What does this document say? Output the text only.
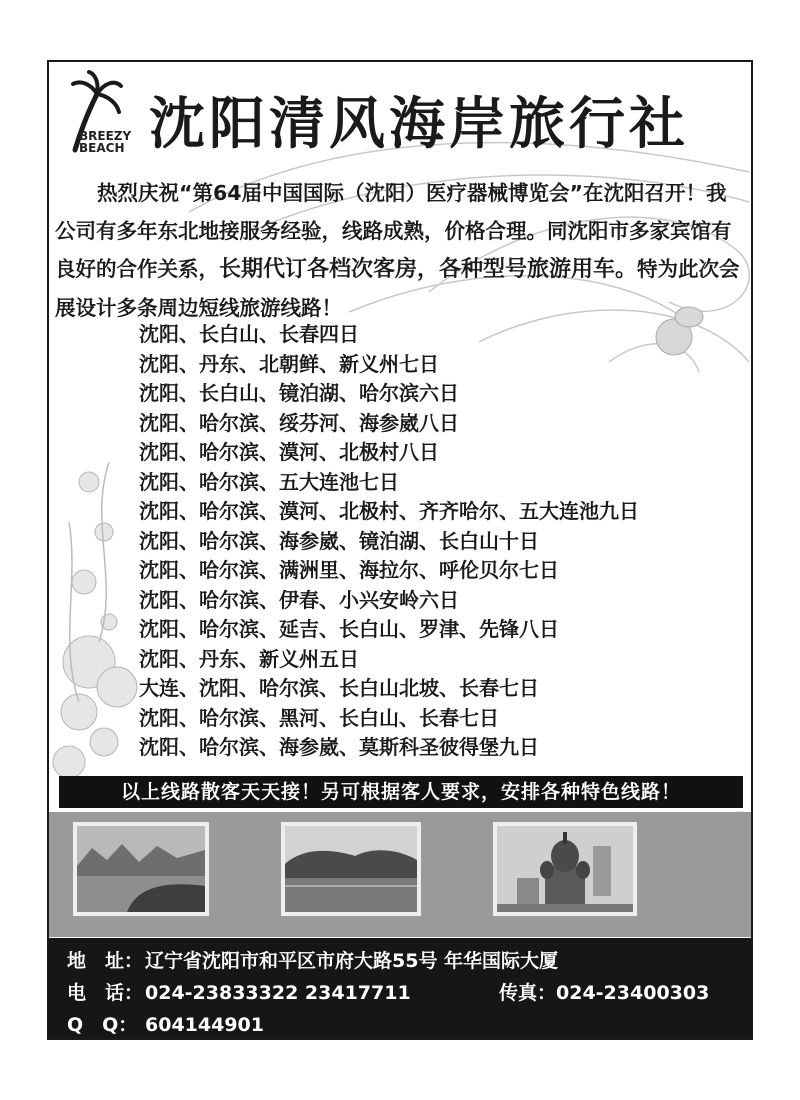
BREEZY
BEACH 沈阳清风海岸旅行社
热烈庆祝“第64届中国国际（沈阳）医疗器械博览会”在沈阳召开！我公司有多年东北地接服务经验，线路成熟，价格合理。同沈阳市多家宾馆有良好的合作关系，长期代订各档次客房，各种型号旅游用车。特为此次会展设计多条周边短线旅游线路！
沈阳、长白山、长春四日
沈阳、丹东、北朝鲜、新义州七日
沈阳、长白山、镜泊湖、哈尔滨六日
沈阳、哈尔滨、绥芬河、海参崴八日
沈阳、哈尔滨、漠河、北极村八日
沈阳、哈尔滨、五大连池七日
沈阳、哈尔滨、漠河、北极村、齐齐哈尔、五大连池九日
沈阳、哈尔滨、海参崴、镜泊湖、长白山十日
沈阳、哈尔滨、满洲里、海拉尔、呼伦贝尔七日
沈阳、哈尔滨、伊春、小兴安岭六日
沈阳、哈尔滨、延吉、长白山、罗津、先锋八日
沈阳、丹东、新义州五日
大连、沈阳、哈尔滨、长白山北坡、长春七日
沈阳、哈尔滨、黑河、长白山、长春七日
沈阳、哈尔滨、海参崴、莫斯科圣彼得堡九日
以上线路散客天天接！另可根据客人要求，安排各种特色线路！
地　址： 辽宁省沈阳市和平区市府大路55号 年华国际大厦
电　话： 024-23833322 23417711	传真：024-23400303
Q　Q： 604144901
